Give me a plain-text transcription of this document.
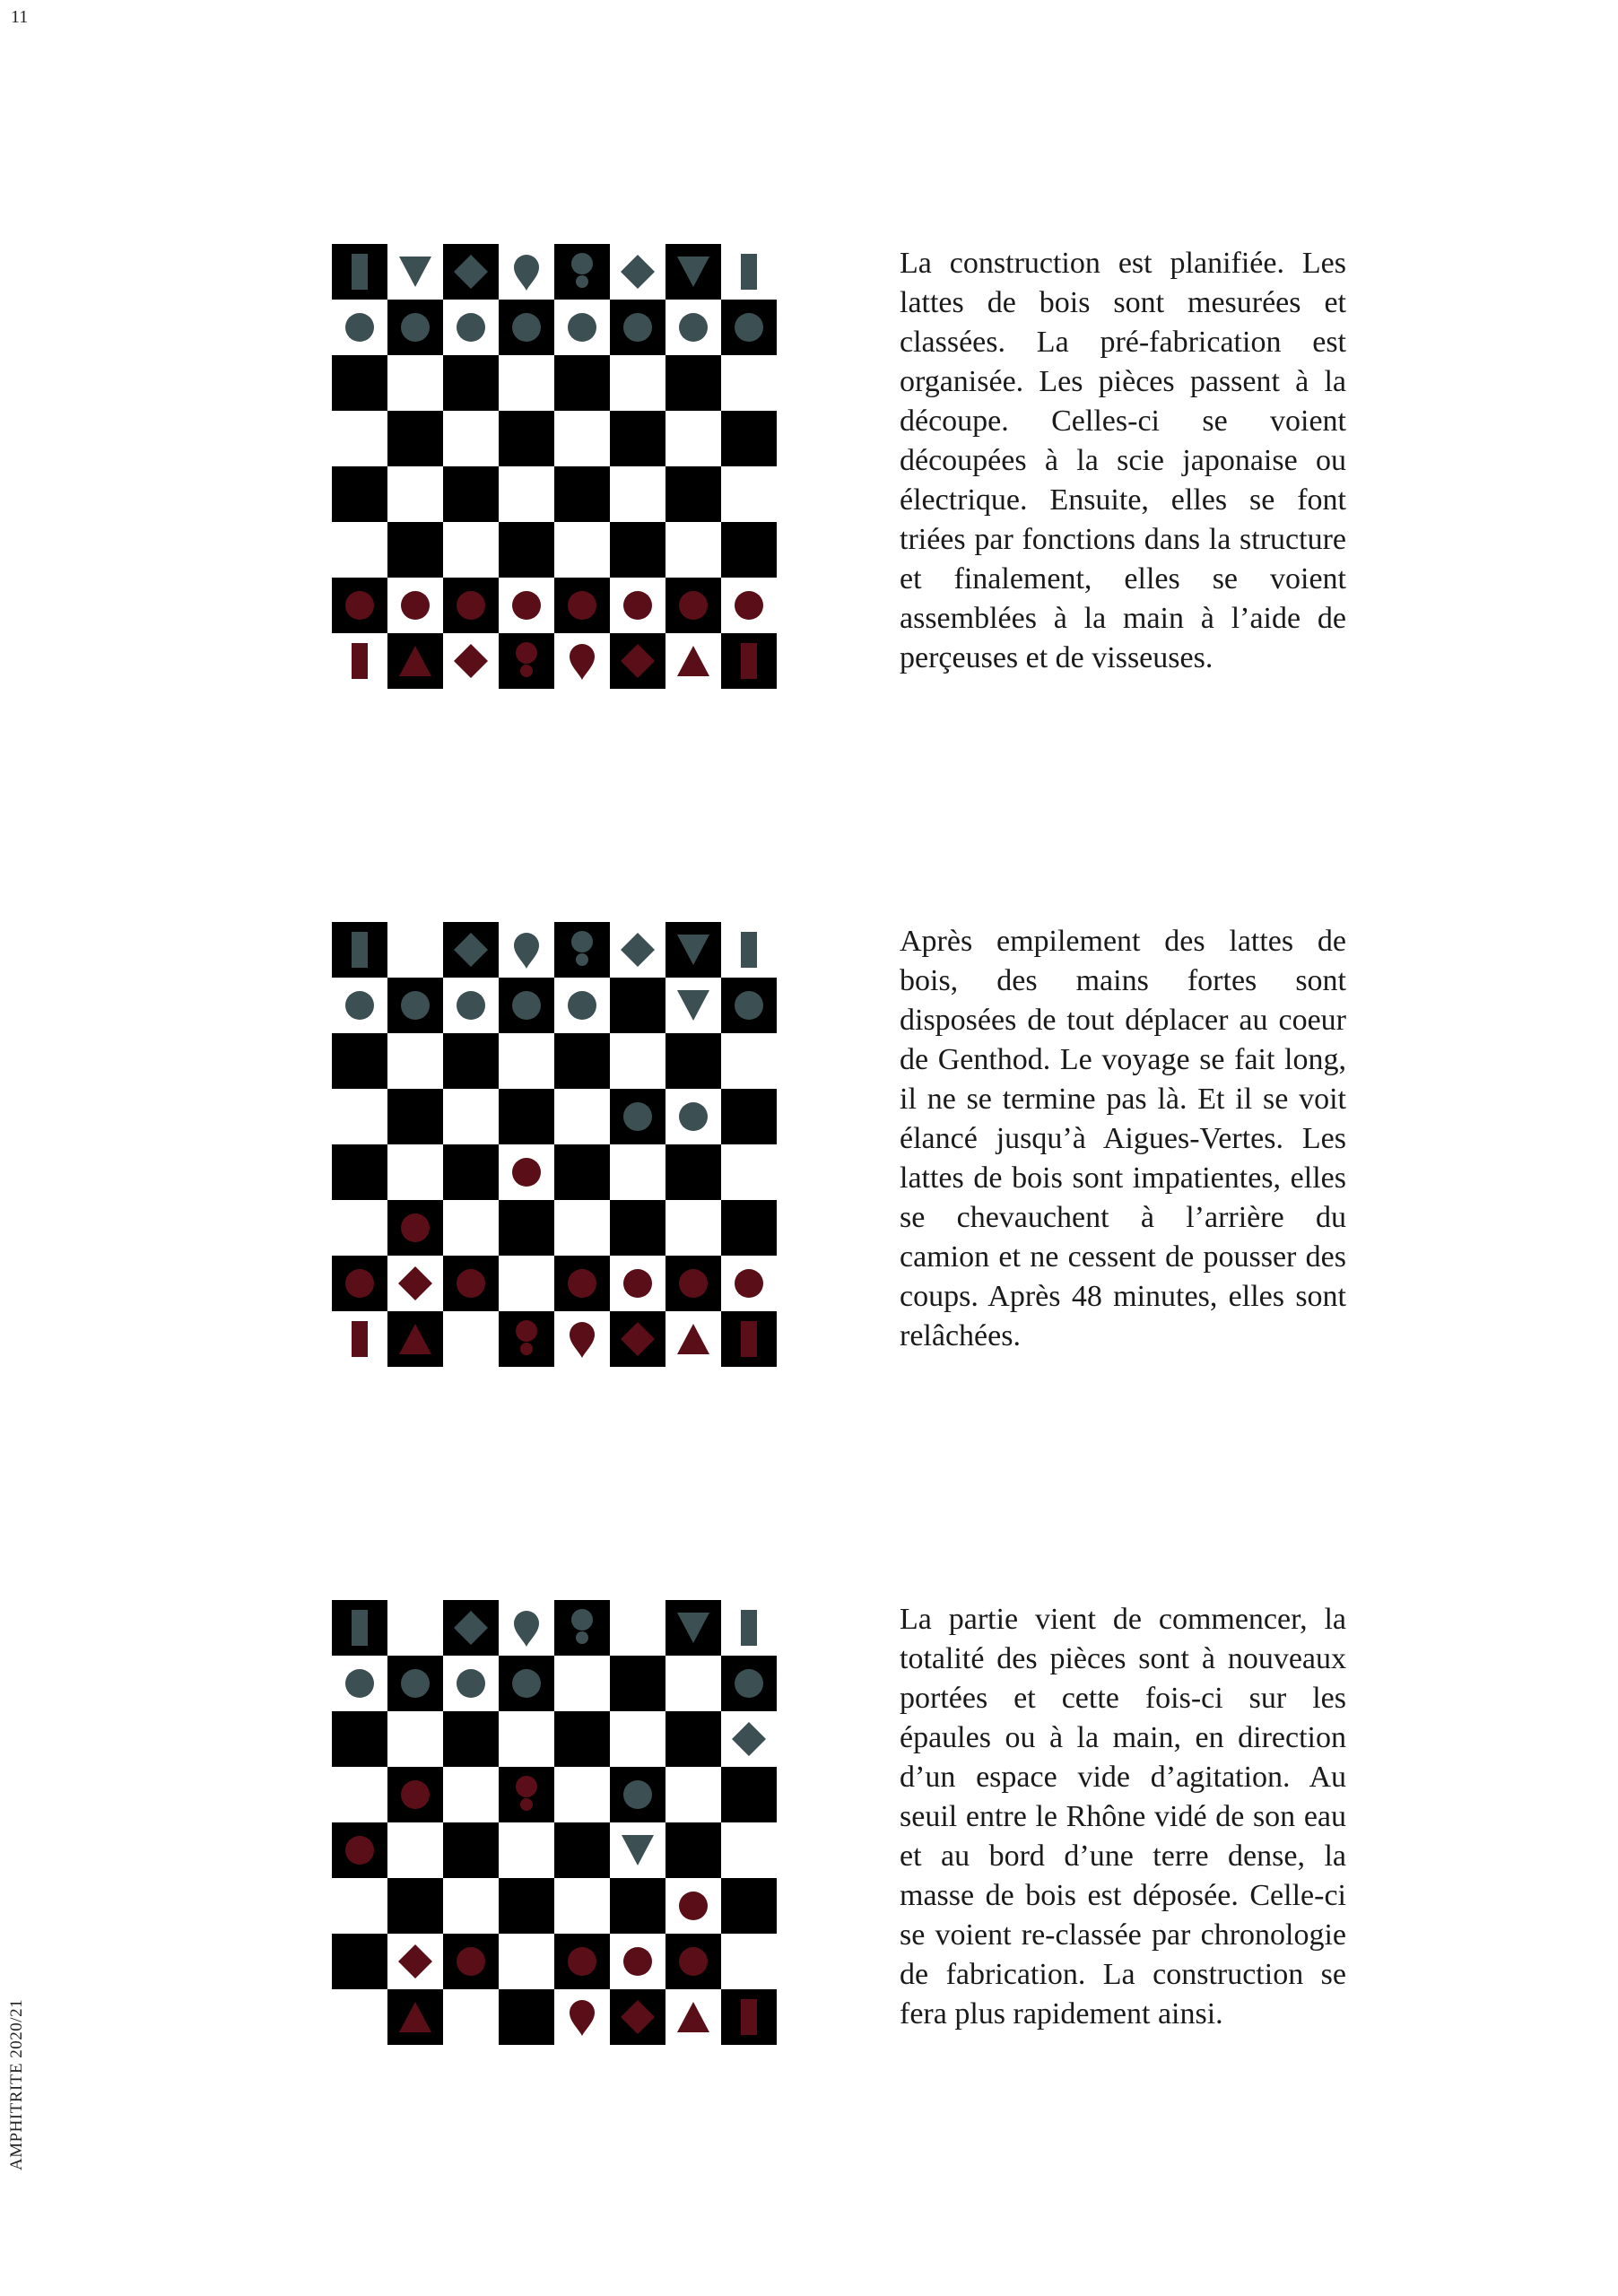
11
AMPHITRITE 2020/21

La construction est planifiée. Les lattes de bois sont mesurées et classées. La pré-fabrication est organisée. Les pièces passent à la découpe. Celles-ci se voient découpées à la scie japonaise ou électrique. Ensuite, elles se font triées par fonctions dans la structure et finalement, elles se voient assemblées à la main à l’aide de perçeuses et de visseuses.

Après empilement des lattes de bois, des mains fortes sont disposées de tout déplacer au coeur de Genthod. Le voyage se fait long, il ne se termine pas là. Et il se voit élancé jusqu’à Aigues-Vertes. Les lattes de bois sont impatientes, elles se chevauchent à l’arrière du camion et ne cessent de pousser des coups. Après 48 minutes, elles sont relâchées.

La partie vient de commencer, la totalité des pièces sont à nouveaux portées et cette fois-ci sur les épaules ou à la main, en direction d’un espace vide d’agitation. Au seuil entre le Rhône vidé de son eau et au bord d’une terre dense, la masse de bois est déposée. Celle-ci se voient re-classée par chronologie de fabrication. La construction se fera plus rapidement ainsi.
